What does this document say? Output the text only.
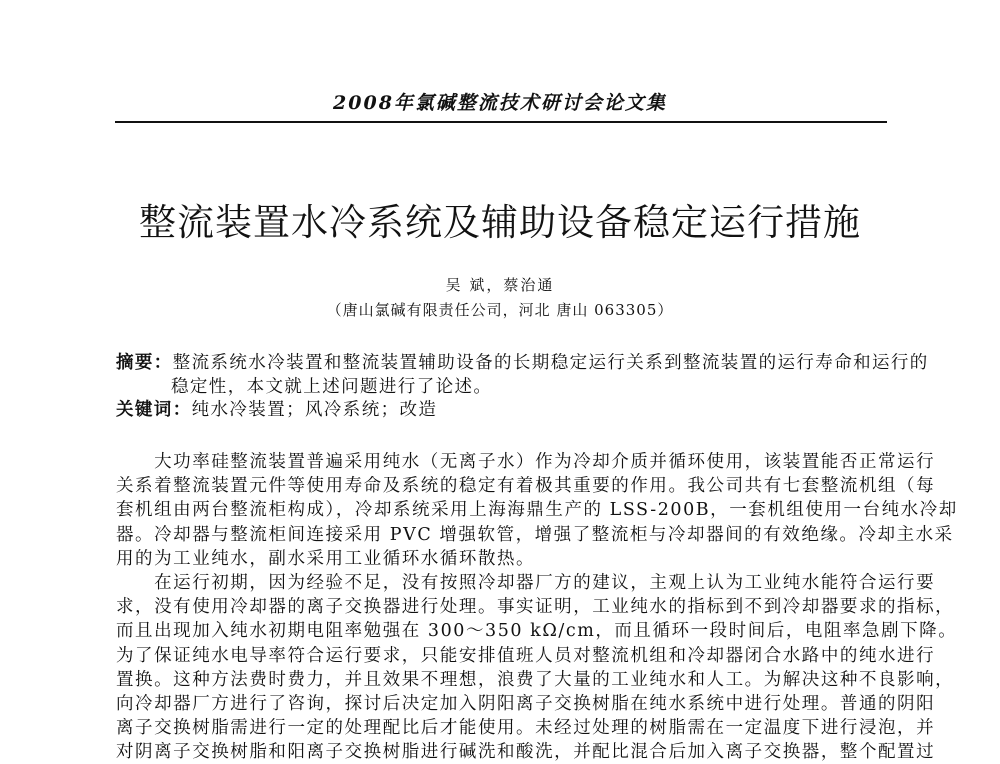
2008年氯碱整流技术研讨会论文集
整流装置水冷系统及辅助设备稳定运行措施
吴 斌，蔡治通
（唐山氯碱有限责任公司，河北 唐山 063305）
摘要：整流系统水冷装置和整流装置辅助设备的长期稳定运行关系到整流装置的运行寿命和运行的
稳定性，本文就上述问题进行了论述。
关键词：纯水冷装置；风冷系统；改造
　　大功率硅整流装置普遍采用纯水（无离子水）作为冷却介质并循环使用，该装置能否正常运行
关系着整流装置元件等使用寿命及系统的稳定有着极其重要的作用。我公司共有七套整流机组（每
套机组由两台整流柜构成），冷却系统采用上海海鼎生产的 LSS-200B，一套机组使用一台纯水冷却
器。冷却器与整流柜间连接采用 PVC 增强软管，增强了整流柜与冷却器间的有效绝缘。冷却主水采
用的为工业纯水，副水采用工业循环水循环散热。
　　在运行初期，因为经验不足，没有按照冷却器厂方的建议，主观上认为工业纯水能符合运行要
求，没有使用冷却器的离子交换器进行处理。事实证明，工业纯水的指标到不到冷却器要求的指标，
而且出现加入纯水初期电阻率勉强在 300～350 kΩ/cm，而且循环一段时间后，电阻率急剧下降。
为了保证纯水电导率符合运行要求，只能安排值班人员对整流机组和冷却器闭合水路中的纯水进行
置换。这种方法费时费力，并且效果不理想，浪费了大量的工业纯水和人工。为解决这种不良影响，
向冷却器厂方进行了咨询，探讨后决定加入阴阳离子交换树脂在纯水系统中进行处理。普通的阴阳
离子交换树脂需进行一定的处理配比后才能使用。未经过处理的树脂需在一定温度下进行浸泡，并
对阴离子交换树脂和阳离子交换树脂进行碱洗和酸洗，并配比混合后加入离子交换器，整个配置过
